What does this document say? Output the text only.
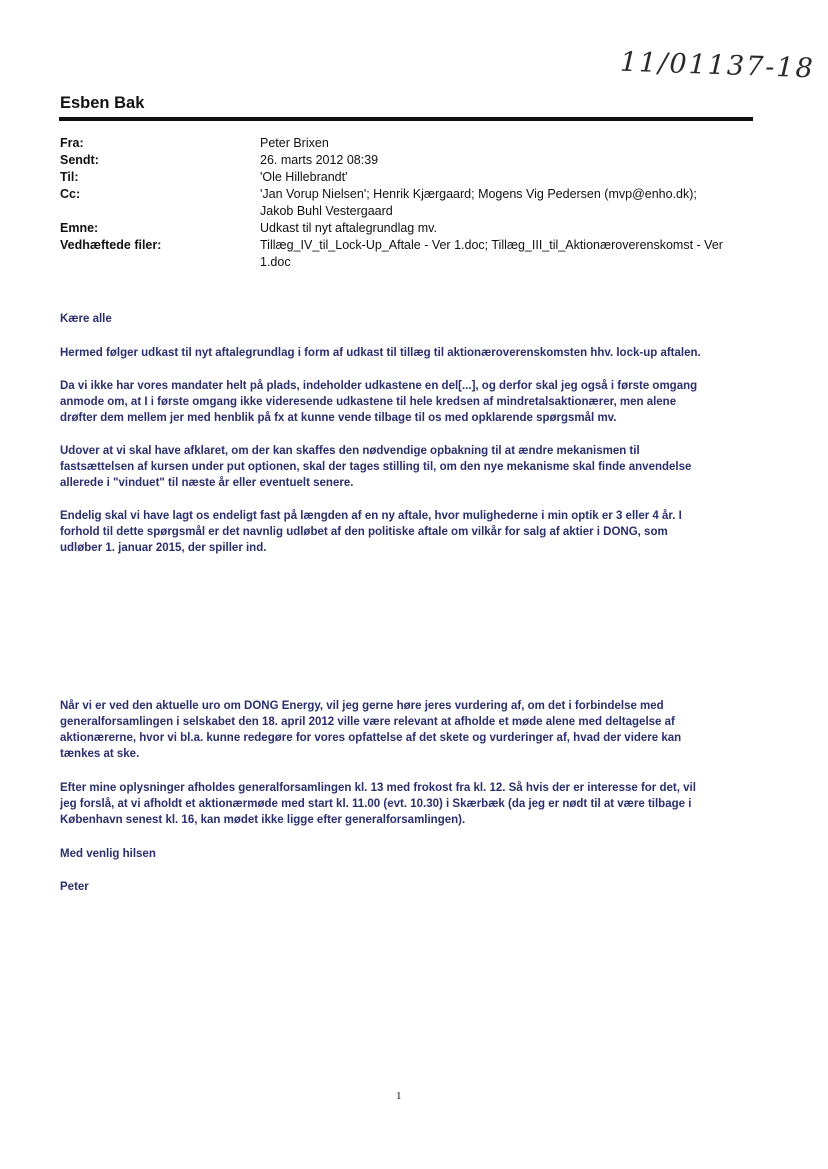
11/01137-18
Esben Bak
Fra:	Peter Brixen
Sendt:	26. marts 2012 08:39
Til:	'Ole Hillebrandt'
Cc:	'Jan Vorup Nielsen'; Henrik Kjærgaard; Mogens Vig Pedersen (mvp@enho.dk);
Jakob Buhl Vestergaard
Emne:	Udkast til nyt aftalegrundlag mv.
Vedhæftede filer:	Tillæg_IV_til_Lock-Up_Aftale - Ver 1.doc; Tillæg_III_til_Aktionæroverenskomst - Ver
1.doc
Kære alle
Hermed følger udkast til nyt aftalegrundlag i form af udkast til tillæg til aktionæroverenskomsten hhv. lock-up aftalen.
Da vi ikke har vores mandater helt på plads, indeholder udkastene en del[...], og derfor skal jeg også i første omgang
anmode om, at I i første omgang ikke videresende udkastene til hele kredsen af mindretalsaktionærer, men alene
drøfter dem mellem jer med henblik på fx at kunne vende tilbage til os med opklarende spørgsmål mv.
Udover at vi skal have afklaret, om der kan skaffes den nødvendige opbakning til at ændre mekanismen til
fastsættelsen af kursen under put optionen, skal der tages stilling til, om den nye mekanisme skal finde anvendelse
allerede i "vinduet" til næste år eller eventuelt senere.
Endelig skal vi have lagt os endeligt fast på længden af en ny aftale, hvor mulighederne i min optik er 3 eller 4 år. I
forhold til dette spørgsmål er det navnlig udløbet af den politiske aftale om vilkår for salg af aktier i DONG, som
udløber 1. januar 2015, der spiller ind.
Når vi er ved den aktuelle uro om DONG Energy, vil jeg gerne høre jeres vurdering af, om det i forbindelse med
generalforsamlingen i selskabet den 18. april 2012 ville være relevant at afholde et møde alene med deltagelse af
aktionærerne, hvor vi bl.a. kunne redegøre for vores opfattelse af det skete og vurderinger af, hvad der videre kan
tænkes at ske.
Efter mine oplysninger afholdes generalforsamlingen kl. 13 med frokost fra kl. 12. Så hvis der er interesse for det, vil
jeg forslå, at vi afholdt et aktionærmøde med start kl. 11.00 (evt. 10.30) i Skærbæk (da jeg er nødt til at være tilbage i
København senest kl. 16, kan mødet ikke ligge efter generalforsamlingen).
Med venlig hilsen
Peter
1
